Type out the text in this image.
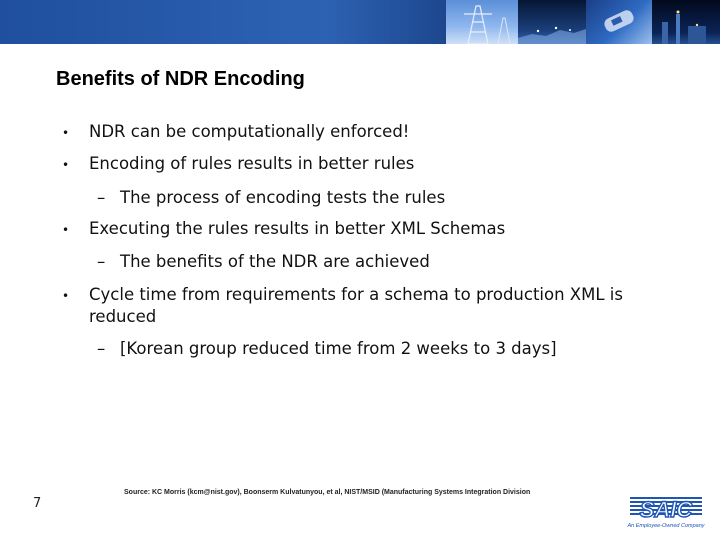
Benefits of NDR Encoding
• NDR can be computationally enforced!
• Encoding of rules results in better rules
– The process of encoding tests the rules
• Executing the rules results in better XML Schemas
– The benefits of the NDR are achieved
• Cycle time from requirements for a schema to production XML is reduced
– [Korean group reduced time from 2 weeks to 3 days]
7
Source: KC Morris (kcm@nist.gov), Boonserm Kulvatunyou, et al, NIST/MSID (Manufacturing Systems Integration Division
SAIC
An Employee-Owned Company
